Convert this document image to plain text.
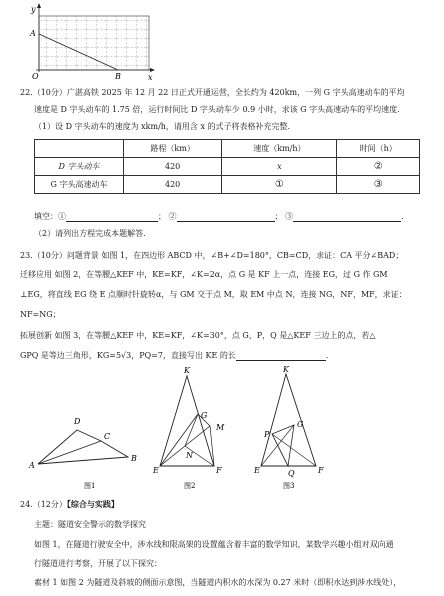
y
x
O
A
B
22.（10分）广湛高铁 2025 年 12 月 22 日正式开通运营，全长约为 420km，一列 G 字头高速动车的平均
速度是 D 字头动车的 1.75 倍，运行时间比 D 字头动车少 0.9 小时，求该 G 字头高速动车的平均速度.
（1）设 D 字头动车的速度为 xkm/h，请用含 x 的式子将表格补充完整.
	路程（km）	速度（km/h）	时间（h）
D 字头动车	420	x	②
G 字头高速动车	420	①	③
填空：①	； ②	； ③	.
（2）请列出方程完成本题解答.
23.（10分）问题背景 如图 1，在四边形 ABCD 中，∠B+∠D=180°，CB=CD，求证：CA 平分∠BAD；
迁移应用 如图 2，在等腰△KEF 中，KE=KF，∠K=2α，点 G 是 KF 上一点，连接 EG，过 G 作 GM
⊥EG，将直线 EG 绕 E 点顺时针旋转α，与 GM 交于点 M，取 EM 中点 N，连接 NG，NF，MF，求证：
NF=NG；
拓展创新 如图 3，在等腰△KEF 中，KE=KF，∠K=30°，点 G，P，Q 是△KEF 三边上的点，若△
GPQ 是等边三角形，KG=5√3，PQ=7，直接写出 KE 的长	.
D
C
A
B
图1
K
G
M
N
E	F
图2
K
P
G
Q
E	F
图3
24.（12分）【综合与实践】
主题：隧道安全警示的数学探究
如图 1，在隧道行驶安全中，涉水线和限高架的设置蕴含着丰富的数学知识，某数学兴趣小组对双向通
行隧道进行考察，开展了以下探究：
素材 1 如图 2 为隧道及斜坡的侧面示意图，当隧道内积水的水深为 0.27 米时（即积水达到涉水线处），
